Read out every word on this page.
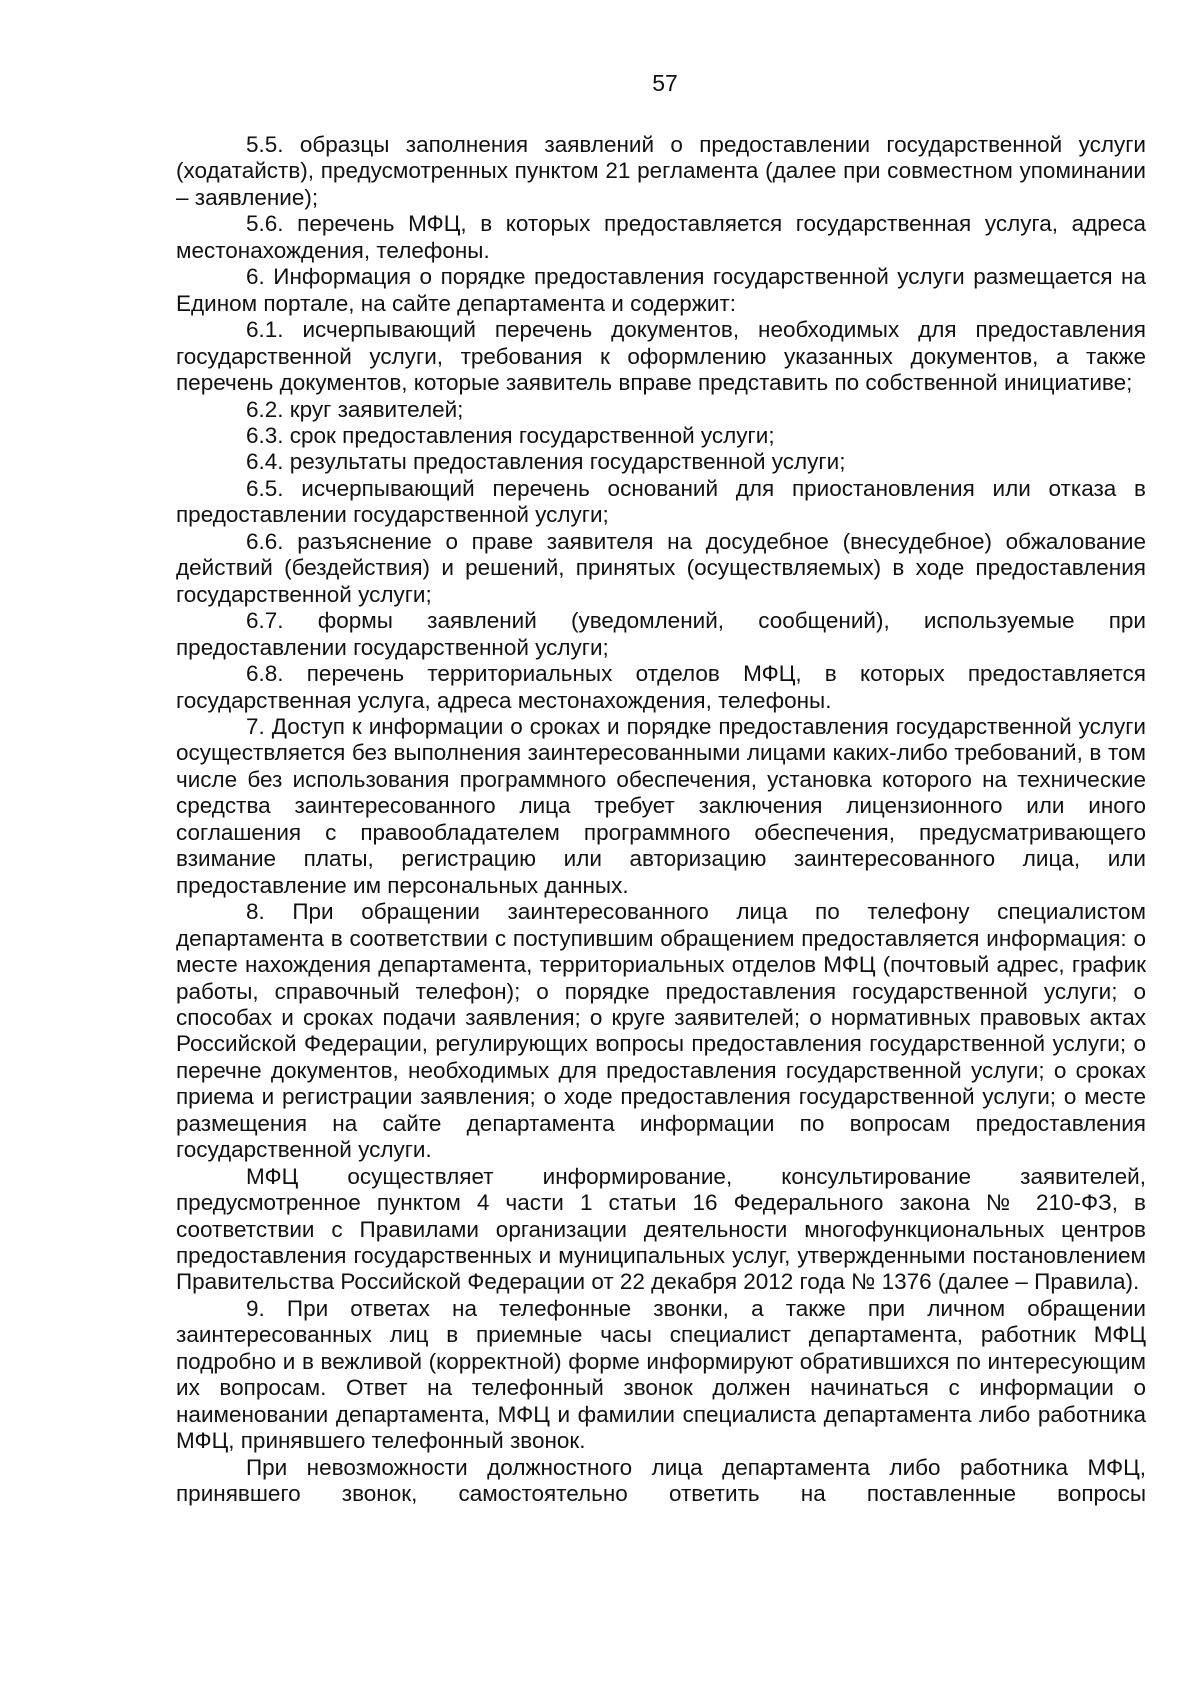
57

5.5. образцы заполнения заявлений о предоставлении государственной услуги (ходатайств), предусмотренных пунктом 21 регламента (далее при совместном упоминании – заявление);

5.6. перечень МФЦ, в которых предоставляется государственная услуга, адреса местонахождения, телефоны.

6. Информация о порядке предоставления государственной услуги размещается на Едином портале, на сайте департамента и содержит:

6.1. исчерпывающий перечень документов, необходимых для предоставления государственной услуги, требования к оформлению указанных документов, а также перечень документов, которые заявитель вправе представить по собственной инициативе;

6.2. круг заявителей;

6.3. срок предоставления государственной услуги;

6.4. результаты предоставления государственной услуги;

6.5. исчерпывающий перечень оснований для приостановления или отказа в предоставлении государственной услуги;

6.6. разъяснение о праве заявителя на досудебное (внесудебное) обжалование действий (бездействия) и решений, принятых (осуществляемых) в ходе предоставления государственной услуги;

6.7. формы заявлений (уведомлений, сообщений), используемые при предоставлении государственной услуги;

6.8. перечень территориальных отделов МФЦ, в которых предоставляется государственная услуга, адреса местонахождения, телефоны.

7. Доступ к информации о сроках и порядке предоставления государственной услуги осуществляется без выполнения заинтересованными лицами каких-либо требований, в том числе без использования программного обеспечения, установка которого на технические средства заинтересованного лица требует заключения лицензионного или иного соглашения с правообладателем программного обеспечения, предусматривающего взимание платы, регистрацию или авторизацию заинтересованного лица, или предоставление им персональных данных.

8. При обращении заинтересованного лица по телефону специалистом департамента в соответствии с поступившим обращением предоставляется информация: о месте нахождения департамента, территориальных отделов МФЦ (почтовый адрес, график работы, справочный телефон); о порядке предоставления государственной услуги; о способах и сроках подачи заявления; о круге заявителей; о нормативных правовых актах Российской Федерации, регулирующих вопросы предоставления государственной услуги; о перечне документов, необходимых для предоставления государственной услуги; о сроках приема и регистрации заявления; о ходе предоставления государственной услуги; о месте размещения на сайте департамента информации по вопросам предоставления государственной услуги.

МФЦ осуществляет информирование, консультирование заявителей, предусмотренное пунктом 4 части 1 статьи 16 Федерального закона № 210-ФЗ, в соответствии с Правилами организации деятельности многофункциональных центров предоставления государственных и муниципальных услуг, утвержденными постановлением Правительства Российской Федерации от 22 декабря 2012 года № 1376 (далее – Правила).

9. При ответах на телефонные звонки, а также при личном обращении заинтересованных лиц в приемные часы специалист департамента, работник МФЦ подробно и в вежливой (корректной) форме информируют обратившихся по интересующим их вопросам. Ответ на телефонный звонок должен начинаться с информации о наименовании департамента, МФЦ и фамилии специалиста департамента либо работника МФЦ, принявшего телефонный звонок.

При невозможности должностного лица департамента либо работника МФЦ, принявшего звонок, самостоятельно ответить на поставленные вопросы
